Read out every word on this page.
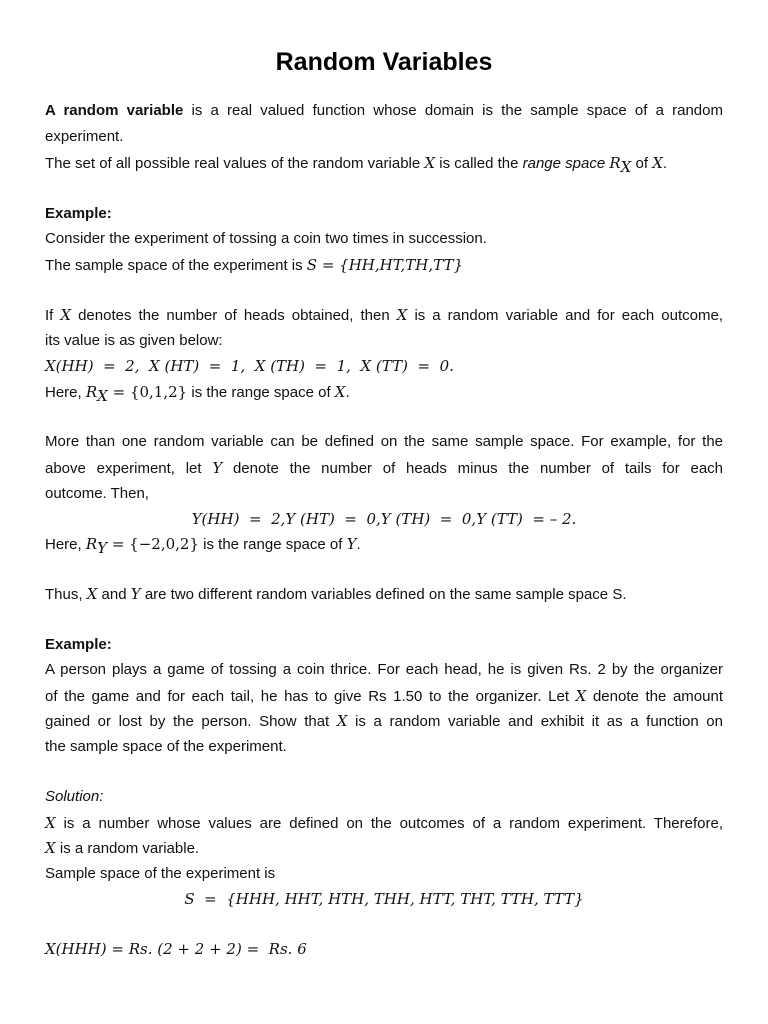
Random Variables
A random variable is a real valued function whose domain is the sample space of a random
experiment.
The set of all possible real values of the random variable X is called the range space $R_X$ of X.
Example:
Consider the experiment of tossing a coin two times in succession.
The sample space of the experiment is S = {HH,HT,TH,TT}
If X denotes the number of heads obtained, then X is a random variable and for each outcome,
its value is as given below:
X(HH)  =  2,  X (HT)  =  1,  X (TH)  =  1,  X (TT)  =  0.
Here, $R_X = \{0,1,2\}$ is the range space of X.
More than one random variable can be defined on the same sample space. For example, for the
above experiment, let Y denote the number of heads minus the number of tails for each
outcome. Then,
Y(HH)  =  2,Y (HT)  =  0,Y (TH)  =  0,Y (TT)  = – 2.
Here, $R_Y = \{-2,0,2\}$ is the range space of Y.
Thus, X and Y are two different random variables defined on the same sample space S.
Example:
A person plays a game of tossing a coin thrice. For each head, he is given Rs. 2 by the organizer
of the game and for each tail, he has to give Rs 1.50 to the organizer. Let X denote the amount
gained or lost by the person. Show that X is a random variable and exhibit it as a function on
the sample space of the experiment.
Solution:
X is a number whose values are defined on the outcomes of a random experiment. Therefore,
X is a random variable.
Sample space of the experiment is
S  =  {HHH, HHT, HTH, THH, HTT, THT, TTH, TTT}
X(HHH) = Rs. (2 + 2 + 2) =  Rs. 6
